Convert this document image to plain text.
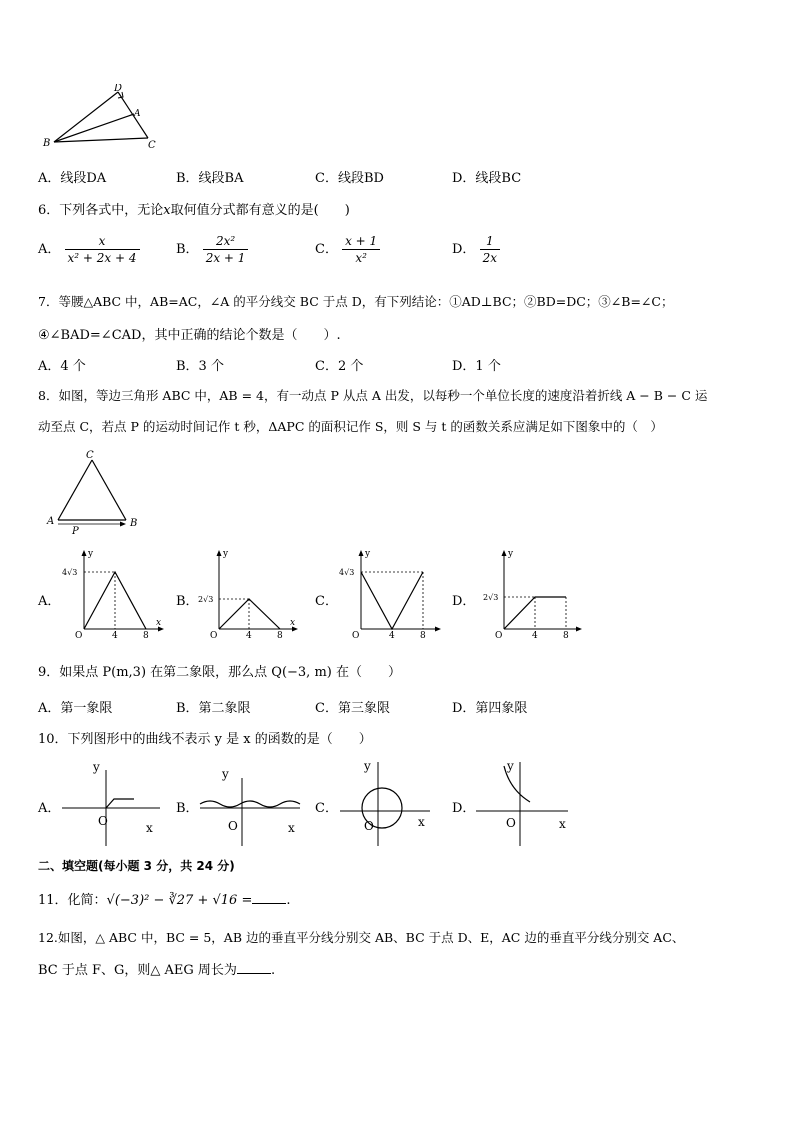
B
D
A
C
A．线段DA	B．线段BA	C．线段BD	D．线段BC
6．下列各式中，无论x取何值分式都有意义的是(　　)
A． $\frac{x}{\text{x² + 2x + 4}}$	B． $\frac{\text{2x²}}{2x + 1}$	C． $\frac{x + 1}{\text{x²}}$	D． $\frac{1}{2x}$
7．等腰△ABC 中，AB=AC，∠A 的平分线交 BC 于点 D，有下列结论：①AD⊥BC；②BD=DC；③∠B=∠C；
④∠BAD=∠CAD，其中正确的结论个数是（　　）.
A．4 个	B．3 个	C．2 个	D．1 个
8．如图，等边三角形 ABC 中，AB = 4，有一动点 P 从点 A 出发，以每秒一个单位长度的速度沿着折线 A − B − C 运
动至点 C，若点 P 的运动时间记作 t 秒，ΔAPC 的面积记作 S，则 S 与 t 的函数关系应满足如下图象中的（　）
C
A	B
P
A．	B．	C．	D．
y
4√3
O	4	8
x
y
2√3
O	4	8
x
y
4√3
O	4	8
y
2√3
O	4	8
9．如果点 P(m,3) 在第二象限，那么点 Q(−3, m) 在（　　）
A．第一象限	B．第二象限	C．第三象限	D．第四象限
10．下列图形中的曲线不表示 y 是 x 的函数的是（　　）
A．	B．	C．	D．
y
O	x
y
O	x
y
O	x
y
O	x
二、填空题(每小题 3 分，共 24 分)
11．化简：√(−3)² − ∛27 + √16 =	.
12.如图，△ ABC 中，BC = 5，AB 边的垂直平分线分别交 AB、BC 于点 D、E，AC 边的垂直平分线分别交 AC、
BC 于点 F、G，则△ AEG 周长为	.
